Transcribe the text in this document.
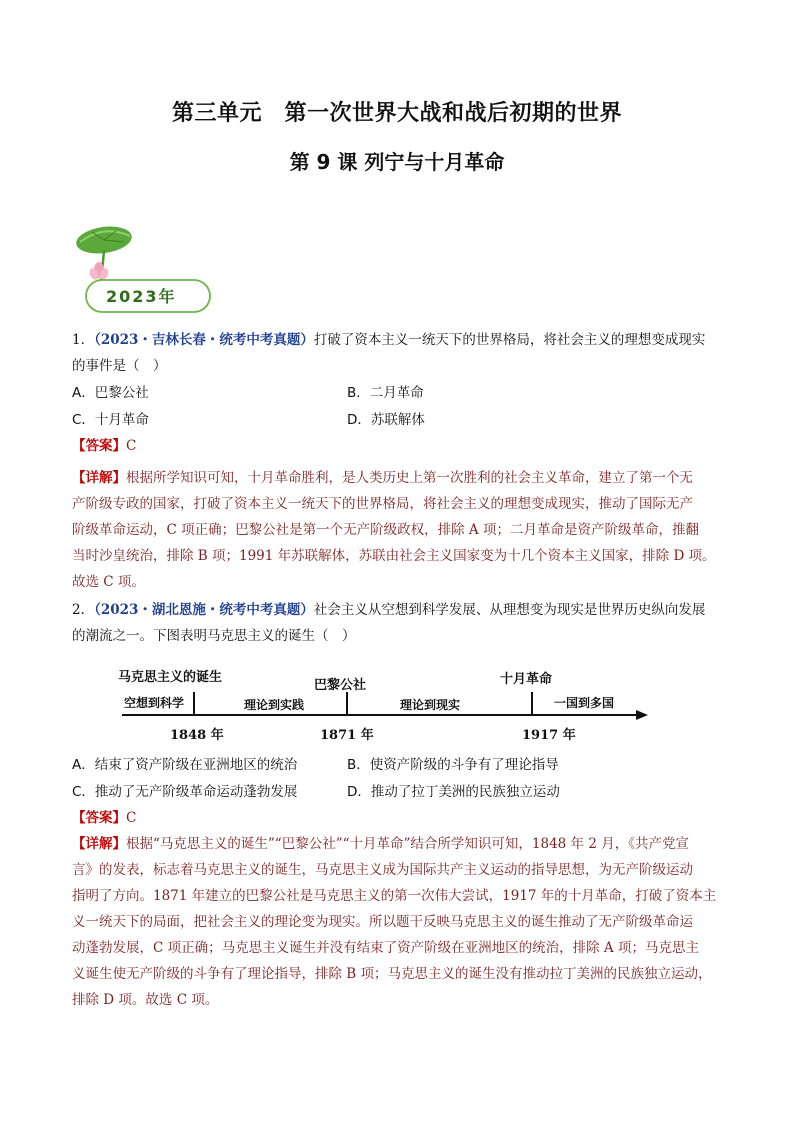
第三单元　第一次世界大战和战后初期的世界
第 9 课 列宁与十月革命
2023年
1．（2023・吉林长春・统考中考真题）打破了资本主义一统天下的世界格局，将社会主义的理想变成现实
的事件是（　）
A．巴黎公社	B．二月革命
C．十月革命	D．苏联解体
【答案】C
【详解】根据所学知识可知，十月革命胜利，是人类历史上第一次胜利的社会主义革命，建立了第一个无
产阶级专政的国家，打破了资本主义一统天下的世界格局，将社会主义的理想变成现实，推动了国际无产
阶级革命运动，C 项正确；巴黎公社是第一个无产阶级政权，排除 A 项；二月革命是资产阶级革命，推翻
当时沙皇统治，排除 B 项；1991 年苏联解体，苏联由社会主义国家变为十几个资本主义国家，排除 D 项。
故选 C 项。
2．（2023・湖北恩施・统考中考真题）社会主义从空想到科学发展、从理想变为现实是世界历史纵向发展
的潮流之一。下图表明马克思主义的诞生（　）
马克思主义的诞生
巴黎公社	十月革命
空想到科学	理论到实践	理论到现实	一国到多国
1848 年	1871 年	1917 年
A．结束了资产阶级在亚洲地区的统治	B．使资产阶级的斗争有了理论指导
C．推动了无产阶级革命运动蓬勃发展	D．推动了拉丁美洲的民族独立运动
【答案】C
【详解】根据“马克思主义的诞生”“巴黎公社”“十月革命”结合所学知识可知，1848 年 2 月，《共产党宣
言》的发表，标志着马克思主义的诞生，马克思主义成为国际共产主义运动的指导思想，为无产阶级运动
指明了方向。1871 年建立的巴黎公社是马克思主义的第一次伟大尝试，1917 年的十月革命，打破了资本主
义一统天下的局面，把社会主义的理论变为现实。所以题干反映马克思主义的诞生推动了无产阶级革命运
动蓬勃发展，C 项正确；马克思主义诞生并没有结束了资产阶级在亚洲地区的统治，排除 A 项；马克思主
义诞生使无产阶级的斗争有了理论指导，排除 B 项；马克思主义的诞生没有推动拉丁美洲的民族独立运动，
排除 D 项。故选 C 项。
